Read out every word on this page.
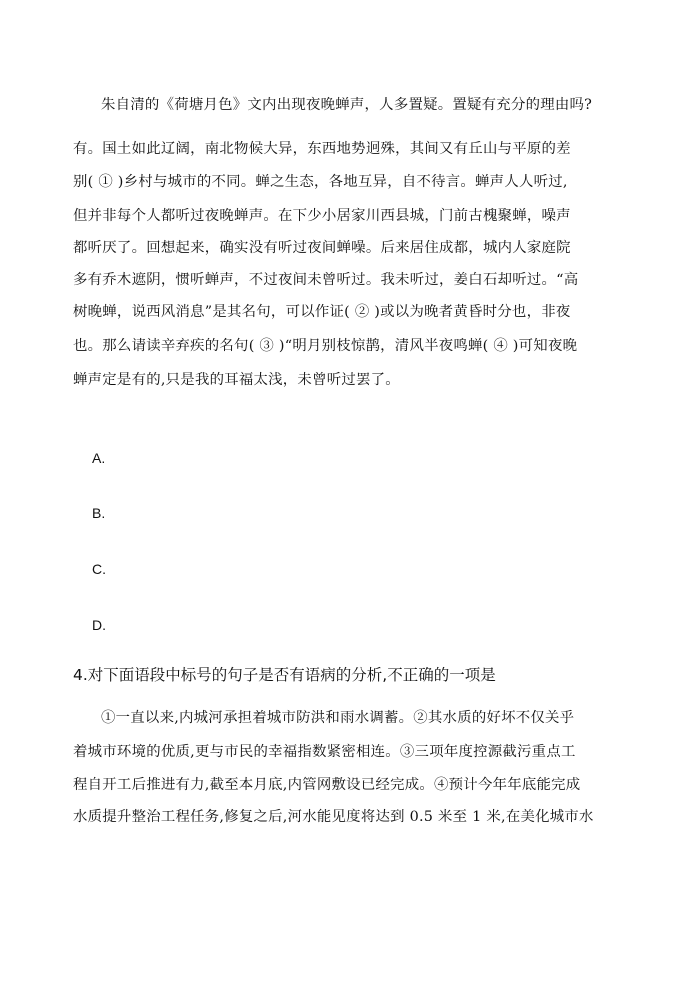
朱自清的《荷塘月色》文内出现夜晚蝉声，人多置疑。置疑有充分的理由吗?
有。国土如此辽阔，南北物候大异，东西地势迥殊，其间又有丘山与平原的差
别( ① )乡村与城市的不同。蝉之生态，各地互异，自不待言。蝉声人人听过,
但并非每个人都听过夜晚蝉声。在下少小居家川西县城，门前古槐聚蝉，噪声
都听厌了。回想起来，确实没有听过夜间蝉噪。后来居住成都，城内人家庭院
多有乔木遮阴，惯听蝉声，不过夜间未曾听过。我未听过，姜白石却听过。“高
树晚蝉，说西风消息”是其名句，可以作证( ② )或以为晚者黄昏时分也，非夜
也。那么请读辛弃疾的名句( ③ )“明月别枝惊鹊，清风半夜鸣蝉( ④ )可知夜晚
蝉声定是有的,只是我的耳福太浅，未曾听过罢了。
A.
B.
C.
D.
4.对下面语段中标号的句子是否有语病的分析,不正确的一项是
①一直以来,内城河承担着城市防洪和雨水调蓄。②其水质的好坏不仅关乎
着城市环境的优质,更与市民的幸福指数紧密相连。③三项年度控源截污重点工
程自开工后推进有力,截至本月底,内管网敷设已经完成。④预计今年年底能完成
水质提升整治工程任务,修复之后,河水能见度将达到 0.5 米至 1 米,在美化城市水
